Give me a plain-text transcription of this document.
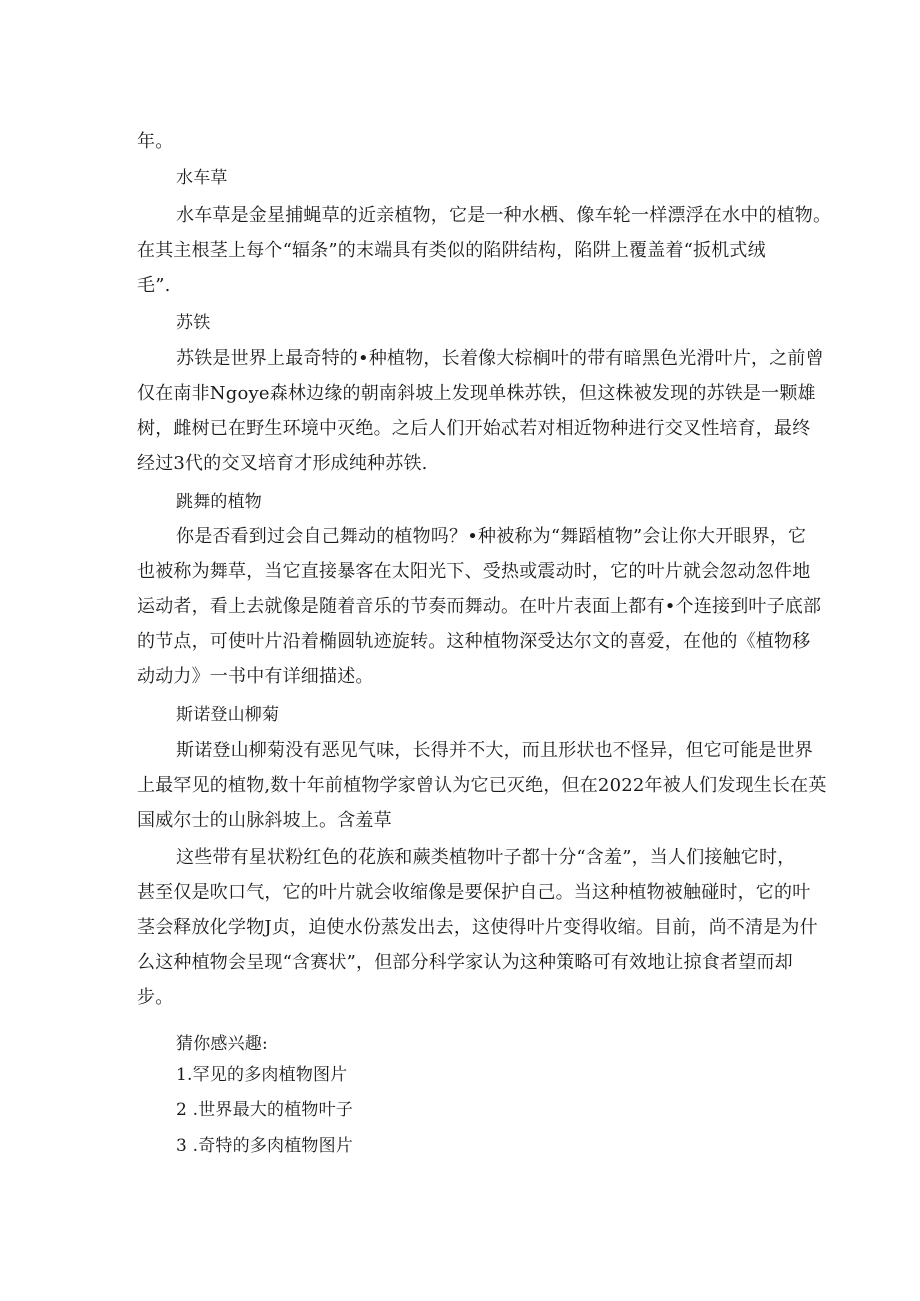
年。
水车草
水车草是金星捕蝇草的近亲植物，它是一种水栖、像车轮一样漂浮在水中的植物。
在其主根茎上每个“辐条”的末端具有类似的陷阱结构，陷阱上覆盖着“扳机式绒
毛”.
苏铁
苏铁是世界上最奇特的•种植物，长着像大棕榈叶的带有暗黑色光滑叶片，之前曾
仅在南非Ngoye森林边缘的朝南斜坡上发现单株苏铁，但这株被发现的苏铁是一颗雄
树，雌树已在野生环境中灭绝。之后人们开始忒若对相近物种进行交叉性培育，最终
经过3代的交叉培育才形成纯种苏铁.
跳舞的植物
你是否看到过会自己舞动的植物吗？•种被称为“舞蹈植物”会让你大开眼界，它
也被称为舞草，当它直接暴客在太阳光下、受热或震动时，它的叶片就会忽动忽件地
运动者，看上去就像是随着音乐的节奏而舞动。在叶片表面上都有•个连接到叶子底部
的节点，可使叶片沿着椭圆轨迹旋转。这种植物深受达尔文的喜爱，在他的《植物移
动动力》一书中有详细描述。
斯诺登山柳菊
斯诺登山柳菊没有恶见气味，长得并不大，而且形状也不怪异，但它可能是世界
上最罕见的植物,数十年前植物学家曾认为它已灭绝，但在2022年被人们发现生长在英
国威尔士的山脉斜坡上。含羞草
这些带有星状粉红色的花族和蕨类植物叶子都十分“含羞”，当人们接触它时，
甚至仅是吹口气，它的叶片就会收缩像是要保护自己。当这种植物被触碰时，它的叶
茎会释放化学物J贞，迫使水份蒸发出去，这使得叶片变得收缩。目前，尚不清是为什
么这种植物会呈现“含赛状”，但部分科学家认为这种策略可有效地让掠食者望而却
步。
猜你感兴趣:
1.罕见的多肉植物图片
2 .世界最大的植物叶子
3 .奇特的多肉植物图片
